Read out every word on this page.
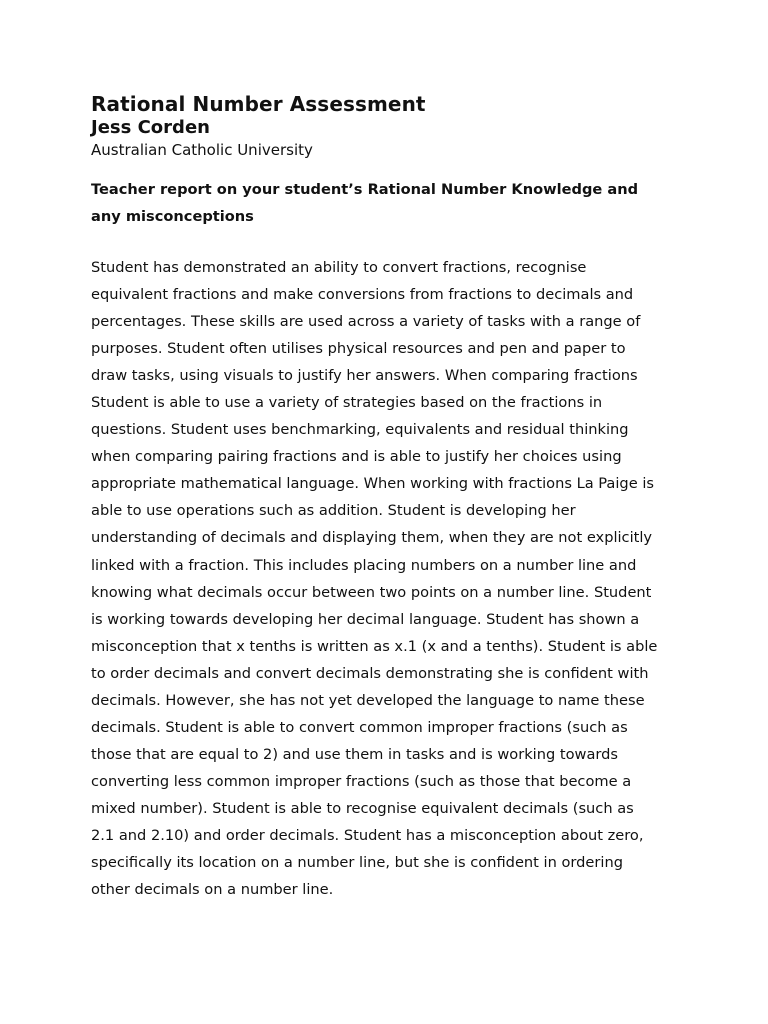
Rational Number Assessment
Jess Corden
Australian Catholic University
Teacher report on your student’s Rational Number Knowledge and
any misconceptions
Student has demonstrated an ability to convert fractions, recognise
equivalent fractions and make conversions from fractions to decimals and
percentages. These skills are used across a variety of tasks with a range of
purposes. Student often utilises physical resources and pen and paper to
draw tasks, using visuals to justify her answers. When comparing fractions
Student is able to use a variety of strategies based on the fractions in
questions. Student uses benchmarking, equivalents and residual thinking
when comparing pairing fractions and is able to justify her choices using
appropriate mathematical language. When working with fractions La Paige is
able to use operations such as addition. Student is developing her
understanding of decimals and displaying them, when they are not explicitly
linked with a fraction. This includes placing numbers on a number line and
knowing what decimals occur between two points on a number line. Student
is working towards developing her decimal language. Student has shown a
misconception that x tenths is written as x.1 (x and a tenths). Student is able
to order decimals and convert decimals demonstrating she is confident with
decimals. However, she has not yet developed the language to name these
decimals. Student is able to convert common improper fractions (such as
those that are equal to 2) and use them in tasks and is working towards
converting less common improper fractions (such as those that become a
mixed number). Student is able to recognise equivalent decimals (such as
2.1 and 2.10) and order decimals. Student has a misconception about zero,
specifically its location on a number line, but she is confident in ordering
other decimals on a number line.
